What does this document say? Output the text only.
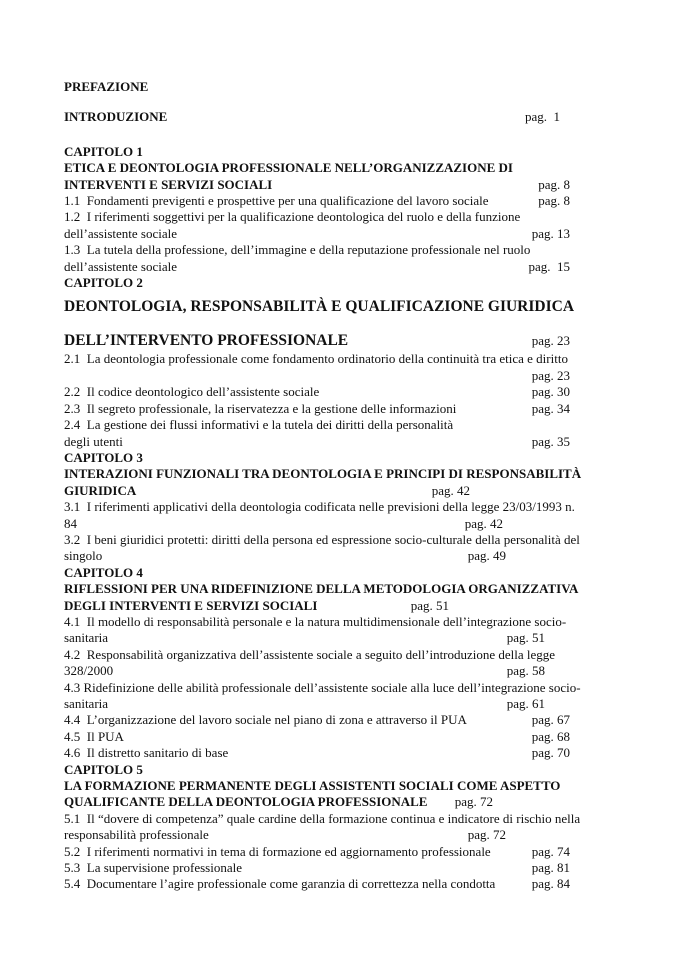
PREFAZIONE
INTRODUZIONE	pag.  1
CAPITOLO 1
ETICA E DEONTOLOGIA PROFESSIONALE NELL’ORGANIZZAZIONE DI
INTERVENTI E SERVIZI SOCIALI	pag. 8
1.1  Fondamenti previgenti e prospettive per una qualificazione del lavoro sociale	pag. 8
1.2  I riferimenti soggettivi per la qualificazione deontologica del ruolo e della funzione
dell’assistente sociale	pag. 13
1.3  La tutela della professione, dell’immagine e della reputazione professionale nel ruolo
dell’assistente sociale	pag.  15
CAPITOLO 2
DEONTOLOGIA, RESPONSABILITÀ E QUALIFICAZIONE GIURIDICA
DELL’INTERVENTO PROFESSIONALE	pag. 23
2.1  La deontologia professionale come fondamento ordinatorio della continuità tra etica e diritto
pag. 23
2.2  Il codice deontologico dell’assistente sociale	pag. 30
2.3  Il segreto professionale, la riservatezza e la gestione delle informazioni	pag. 34
2.4  La gestione dei flussi informativi e la tutela dei diritti della personalità
degli utenti	pag. 35
CAPITOLO 3
INTERAZIONI FUNZIONALI TRA DEONTOLOGIA E PRINCIPI DI RESPONSABILITÀ
GIURIDICA	pag. 42
3.1  I riferimenti applicativi della deontologia codificata nelle previsioni della legge 23/03/1993 n.
84	pag. 42
3.2  I beni giuridici protetti: diritti della persona ed espressione socio-culturale della personalità del
singolo	pag. 49
CAPITOLO 4
RIFLESSIONI PER UNA RIDEFINIZIONE DELLA METODOLOGIA ORGANIZZATIVA
DEGLI INTERVENTI E SERVIZI SOCIALI	pag. 51
4.1  Il modello di responsabilità personale e la natura multidimensionale dell’integrazione socio-
sanitaria	pag. 51
4.2  Responsabilità organizzativa dell’assistente sociale a seguito dell’introduzione della legge
328/2000	pag. 58
4.3 Ridefinizione delle abilità professionale dell’assistente sociale alla luce dell’integrazione socio-
sanitaria	pag. 61
4.4  L’organizzazione del lavoro sociale nel piano di zona e attraverso il PUA	pag. 67
4.5  Il PUA	pag. 68
4.6  Il distretto sanitario di base	pag. 70
CAPITOLO 5
LA FORMAZIONE PERMANENTE DEGLI ASSISTENTI SOCIALI COME ASPETTO
QUALIFICANTE DELLA DEONTOLOGIA PROFESSIONALE pag. 72
5.1  Il “dovere di competenza” quale cardine della formazione continua e indicatore di rischio nella
responsabilità professionale	pag. 72
5.2  I riferimenti normativi in tema di formazione ed aggiornamento professionale	pag. 74
5.3  La supervisione professionale	pag. 81
5.4  Documentare l’agire professionale come garanzia di correttezza nella condotta	pag. 84
